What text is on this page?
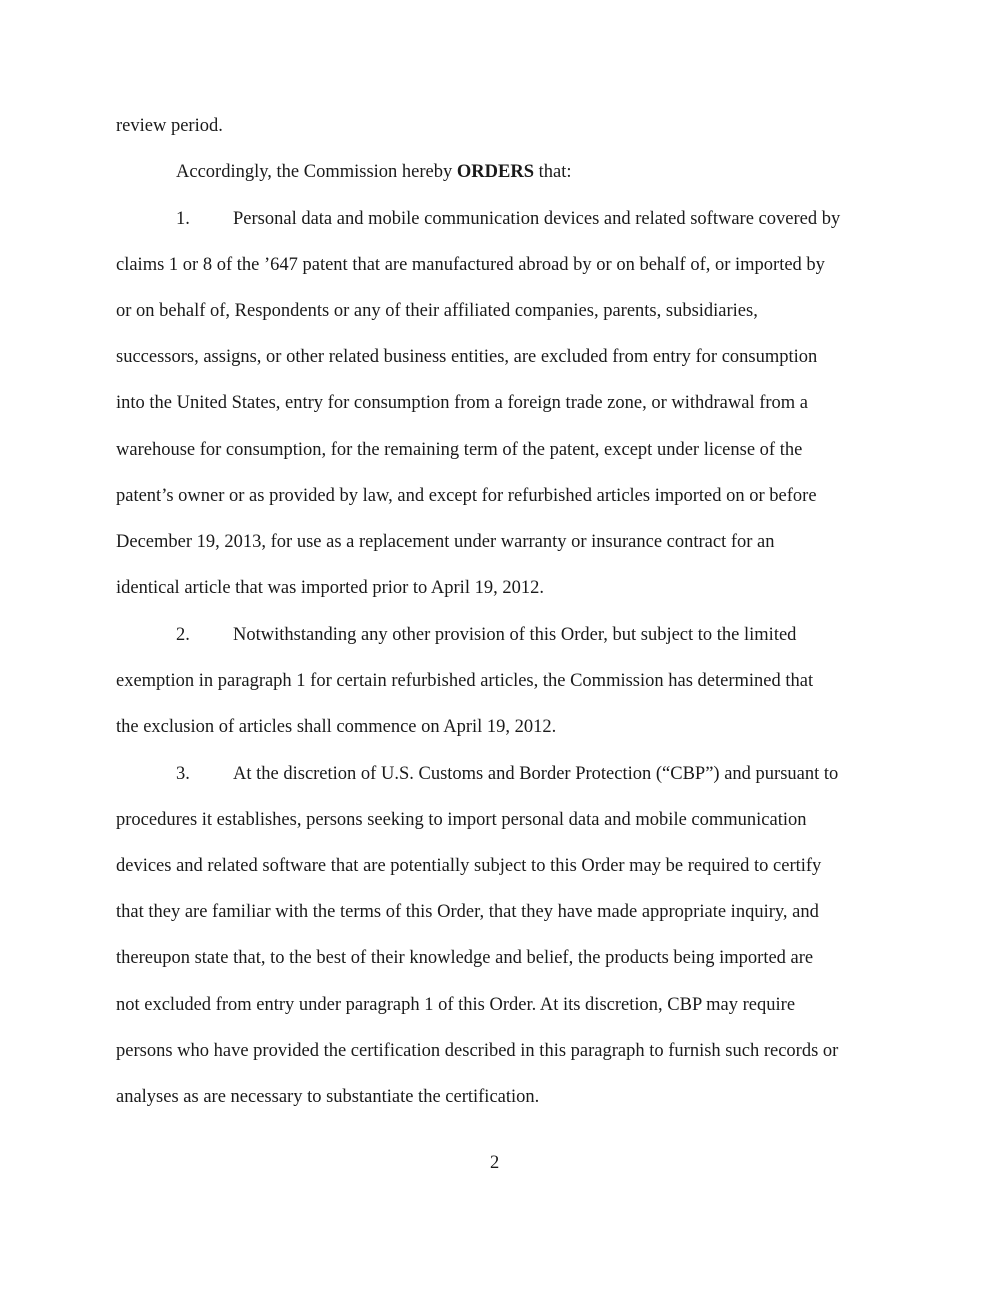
review period.
Accordingly, the Commission hereby ORDERS that:
1. Personal data and mobile communication devices and related software covered by
claims 1 or 8 of the ’647 patent that are manufactured abroad by or on behalf of, or imported by
or on behalf of, Respondents or any of their affiliated companies, parents, subsidiaries,
successors, assigns, or other related business entities, are excluded from entry for consumption
into the United States, entry for consumption from a foreign trade zone, or withdrawal from a
warehouse for consumption, for the remaining term of the patent, except under license of the
patent’s owner or as provided by law, and except for refurbished articles imported on or before
December 19, 2013, for use as a replacement under warranty or insurance contract for an
identical article that was imported prior to April 19, 2012.
2. Notwithstanding any other provision of this Order, but subject to the limited
exemption in paragraph 1 for certain refurbished articles, the Commission has determined that
the exclusion of articles shall commence on April 19, 2012.
3. At the discretion of U.S. Customs and Border Protection (“CBP”) and pursuant to
procedures it establishes, persons seeking to import personal data and mobile communication
devices and related software that are potentially subject to this Order may be required to certify
that they are familiar with the terms of this Order, that they have made appropriate inquiry, and
thereupon state that, to the best of their knowledge and belief, the products being imported are
not excluded from entry under paragraph 1 of this Order. At its discretion, CBP may require
persons who have provided the certification described in this paragraph to furnish such records or
analyses as are necessary to substantiate the certification.
2
